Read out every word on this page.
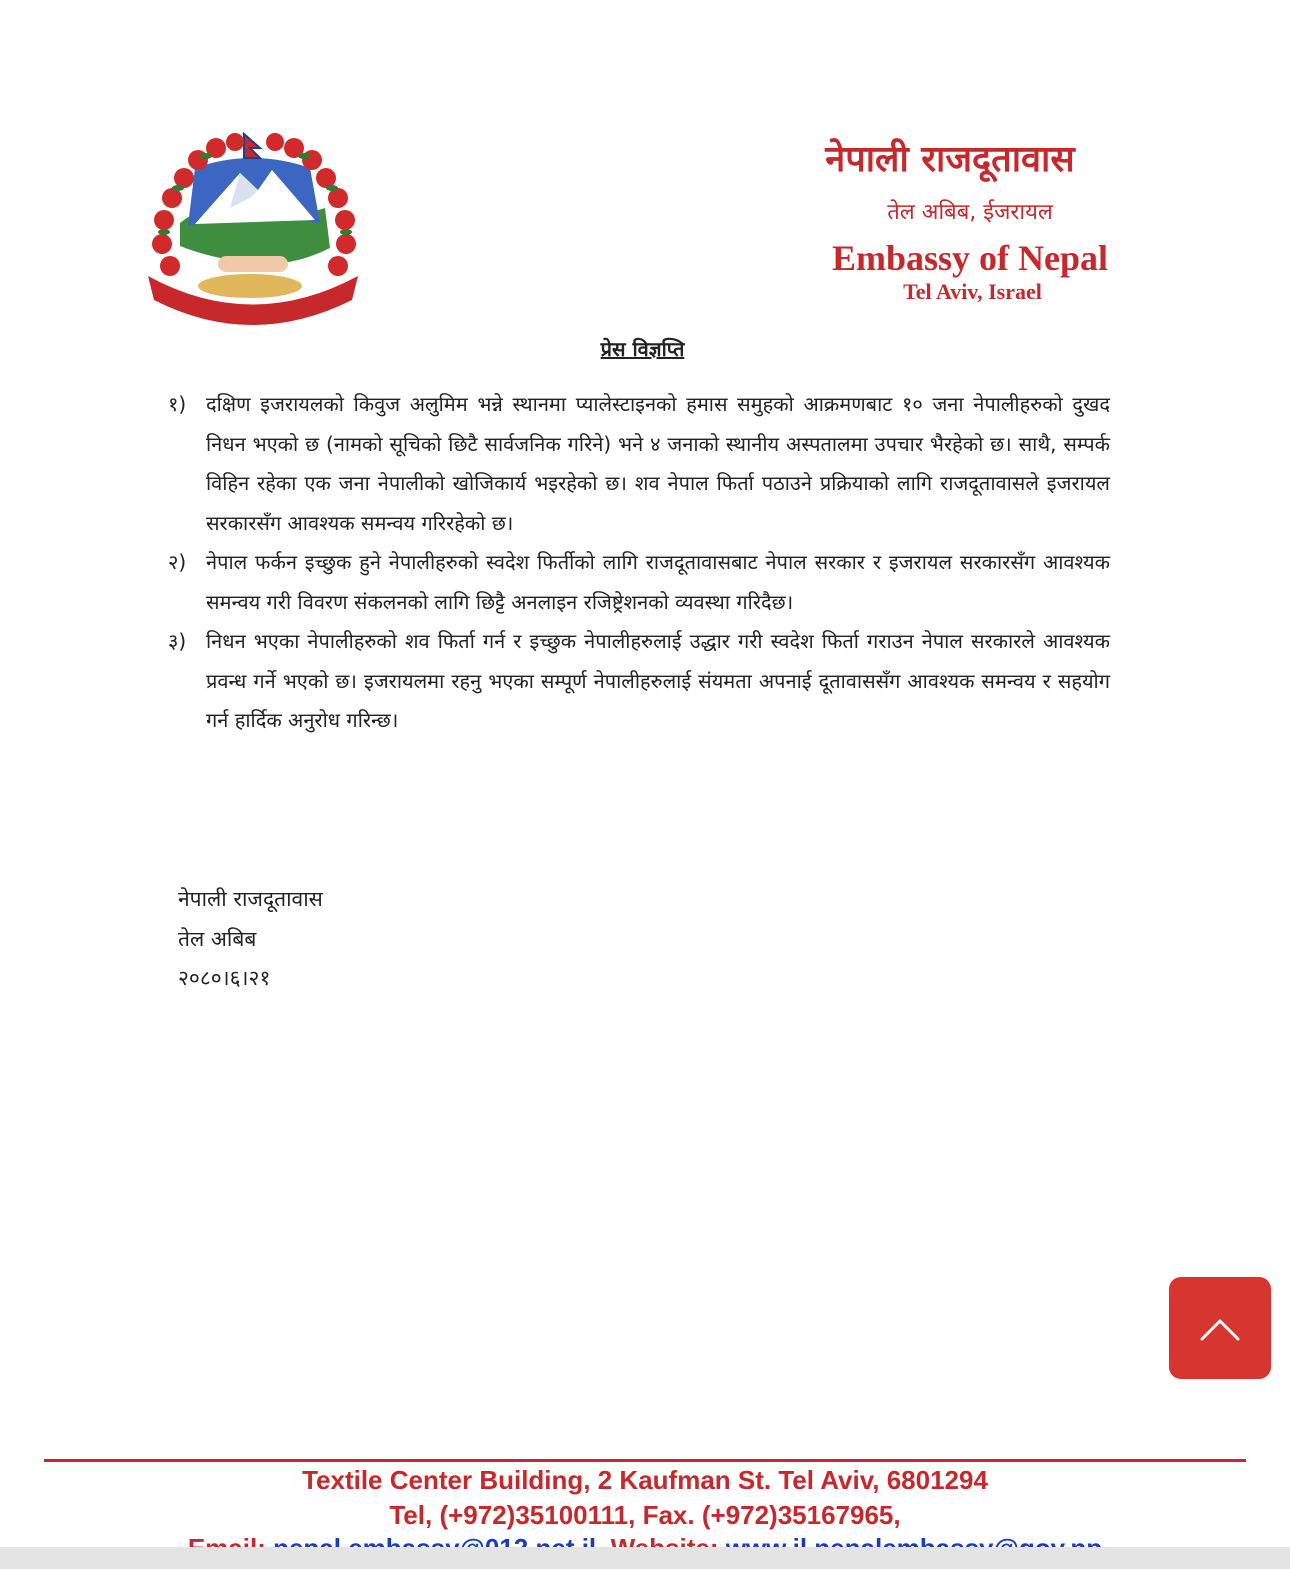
नेपाली राजदूतावास
तेल अबिब, ईजरायल
Embassy of Nepal
Tel Aviv, Israel
प्रेस विज्ञप्ति
१) दक्षिण इजरायलको किवुज अलुमिम भन्ने स्थानमा प्यालेस्टाइनको हमास समुहको आक्रमणबाट १० जना नेपालीहरुको दुखद निधन भएको छ (नामको सूचिको छिटै सार्वजनिक गरिने) भने ४ जनाको स्थानीय अस्पतालमा उपचार भैरहेको छ। साथै, सम्पर्क विहिन रहेका एक जना नेपालीको खोजिकार्य भइरहेको छ। शव नेपाल फिर्ता पठाउने प्रक्रियाको लागि राजदूतावासले इजरायल सरकारसँग आवश्यक समन्वय गरिरहेको छ।
२) नेपाल फर्कन इच्छुक हुने नेपालीहरुको स्वदेश फिर्तीको लागि राजदूतावासबाट नेपाल सरकार र इजरायल सरकारसँग आवश्यक समन्वय गरी विवरण संकलनको लागि छिट्टै अनलाइन रजिष्ट्रेशनको व्यवस्था गरिदैछ।
३) निधन भएका नेपालीहरुको शव फिर्ता गर्न र इच्छुक नेपालीहरुलाई उद्धार गरी स्वदेश फिर्ता गराउन नेपाल सरकारले आवश्यक प्रवन्ध गर्ने भएको छ। इजरायलमा रहनु भएका सम्पूर्ण नेपालीहरुलाई संयमता अपनाई दूतावाससँग आवश्यक समन्वय र सहयोग गर्न हार्दिक अनुरोध गरिन्छ।
नेपाली राजदूतावास
तेल अबिब
२०८०।६।२१
Textile Center Building, 2 Kaufman St. Tel Aviv, 6801294
Tel, (+972)35100111, Fax. (+972)35167965,
